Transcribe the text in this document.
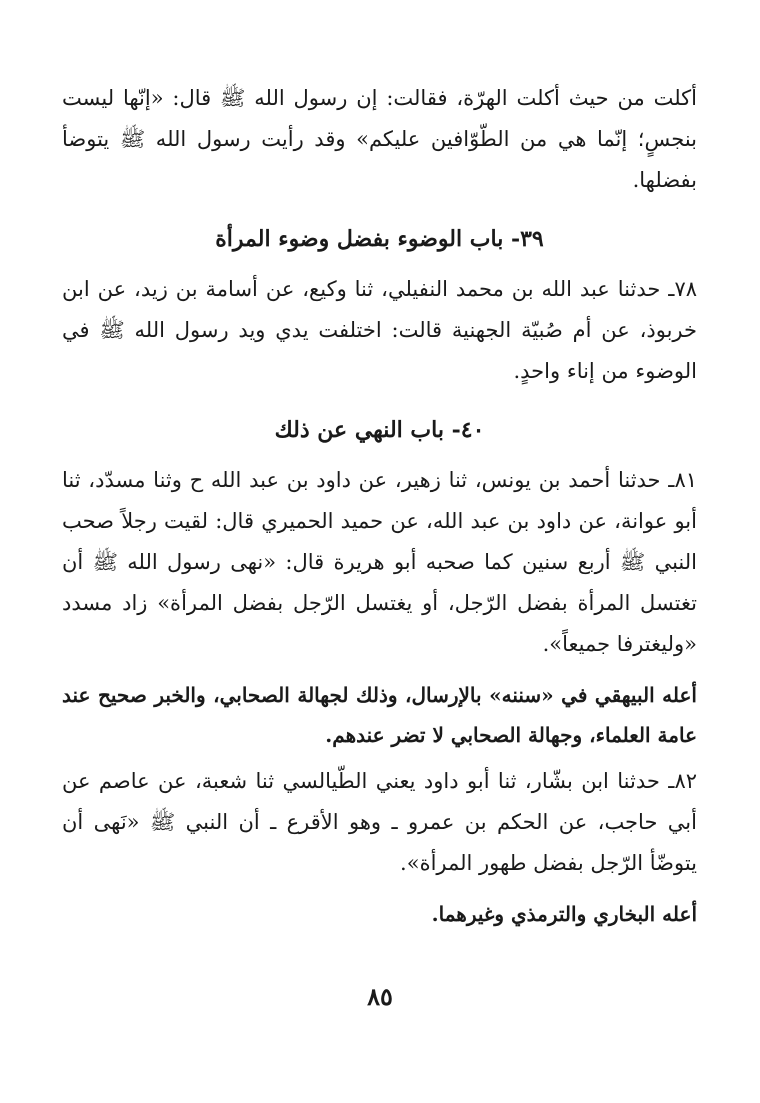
أكلت من حيث أكلت الهرّة، فقالت: إن رسول الله ﷺ قال: «إنّها ليست بنجسٍ؛ إنّما هي من الطّوّافين عليكم» وقد رأيت رسول الله ﷺ يتوضأ بفضلها.

٣٩- باب الوضوء بفضل وضوء المرأة

٧٨ـ حدثنا عبد الله بن محمد النفيلي، ثنا وكيع، عن أسامة بن زيد، عن ابن خربوذ، عن أم صُبيّة الجهنية قالت: اختلفت يدي ويد رسول الله ﷺ في الوضوء من إناء واحدٍ.

٤٠- باب النهي عن ذلك

٨١ـ حدثنا أحمد بن يونس، ثنا زهير، عن داود بن عبد الله ح وثنا مسدّد، ثنا أبو عوانة، عن داود بن عبد الله، عن حميد الحميري قال: لقيت رجلاً صحب النبي ﷺ أربع سنين كما صحبه أبو هريرة قال: «نهى رسول الله ﷺ أن تغتسل المرأة بفضل الرّجل، أو يغتسل الرّجل بفضل المرأة» زاد مسدد «وليغترفا جميعاً».

أعله البيهقي في «سننه» بالإرسال، وذلك لجهالة الصحابي، والخبر صحيح عند عامة العلماء، وجهالة الصحابي لا تضر عندهم.

٨٢ـ حدثنا ابن بشّار، ثنا أبو داود يعني الطّيالسي ثنا شعبة، عن عاصم عن أبي حاجب، عن الحكم بن عمرو ـ وهو الأقرع ـ أن النبي ﷺ «نَهى أن يتوضّأ الرّجل بفضل طهور المرأة».

أعله البخاري والترمذي وغيرهما.

٨٥
